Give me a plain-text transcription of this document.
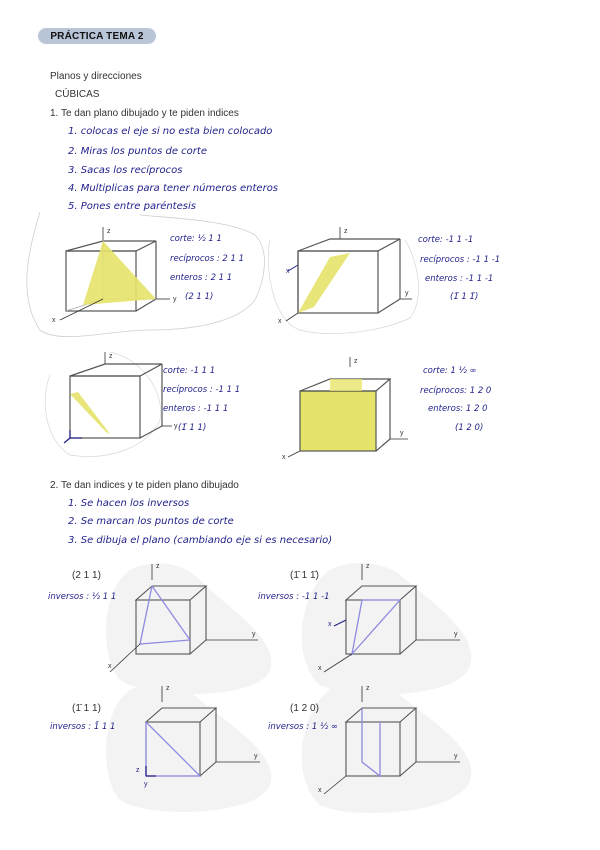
PRÁCTICA TEMA 2
Planos y direcciones
CÚBICAS
1. Te dan plano dibujado y te piden indices
1. colocas el eje si no esta bien colocado
2. Miras los puntos de corte
3. Sacas los recíprocos
4. Multiplicas para tener números enteros
5. Pones entre paréntesis
z
y
x
corte: ½ 1 1
recíprocos : 2 1 1
enteros : 2 1 1
(2 1 1)
z
y
x
x
corte: -1 1 -1
recíprocos : -1 1 -1
enteros : -1 1 -1
(1̄ 1 1̄)
z
y
corte: -1 1 1
recíprocos : -1 1 1
enteros : -1 1 1
(1̄ 1 1)
z
y
x
corte: 1 ½ ∞
recíprocos: 1 2 0
enteros: 1 2 0
(1 2 0)
2. Te dan indices y te piden plano dibujado
1. Se hacen los inversos
2. Se marcan los puntos de corte
3. Se dibuja el plano (cambiando eje si es necesario)
(2 1 1)
inversos : ½ 1 1
z
y
x
(1̄ 1 1̄)
inversos : -1 1 -1
z
x
y
x
(1̄ 1 1)
inversos : 1̄ 1 1
z
z
y
y
(1 2 0)
inversos : 1 ½ ∞
z
y
x
